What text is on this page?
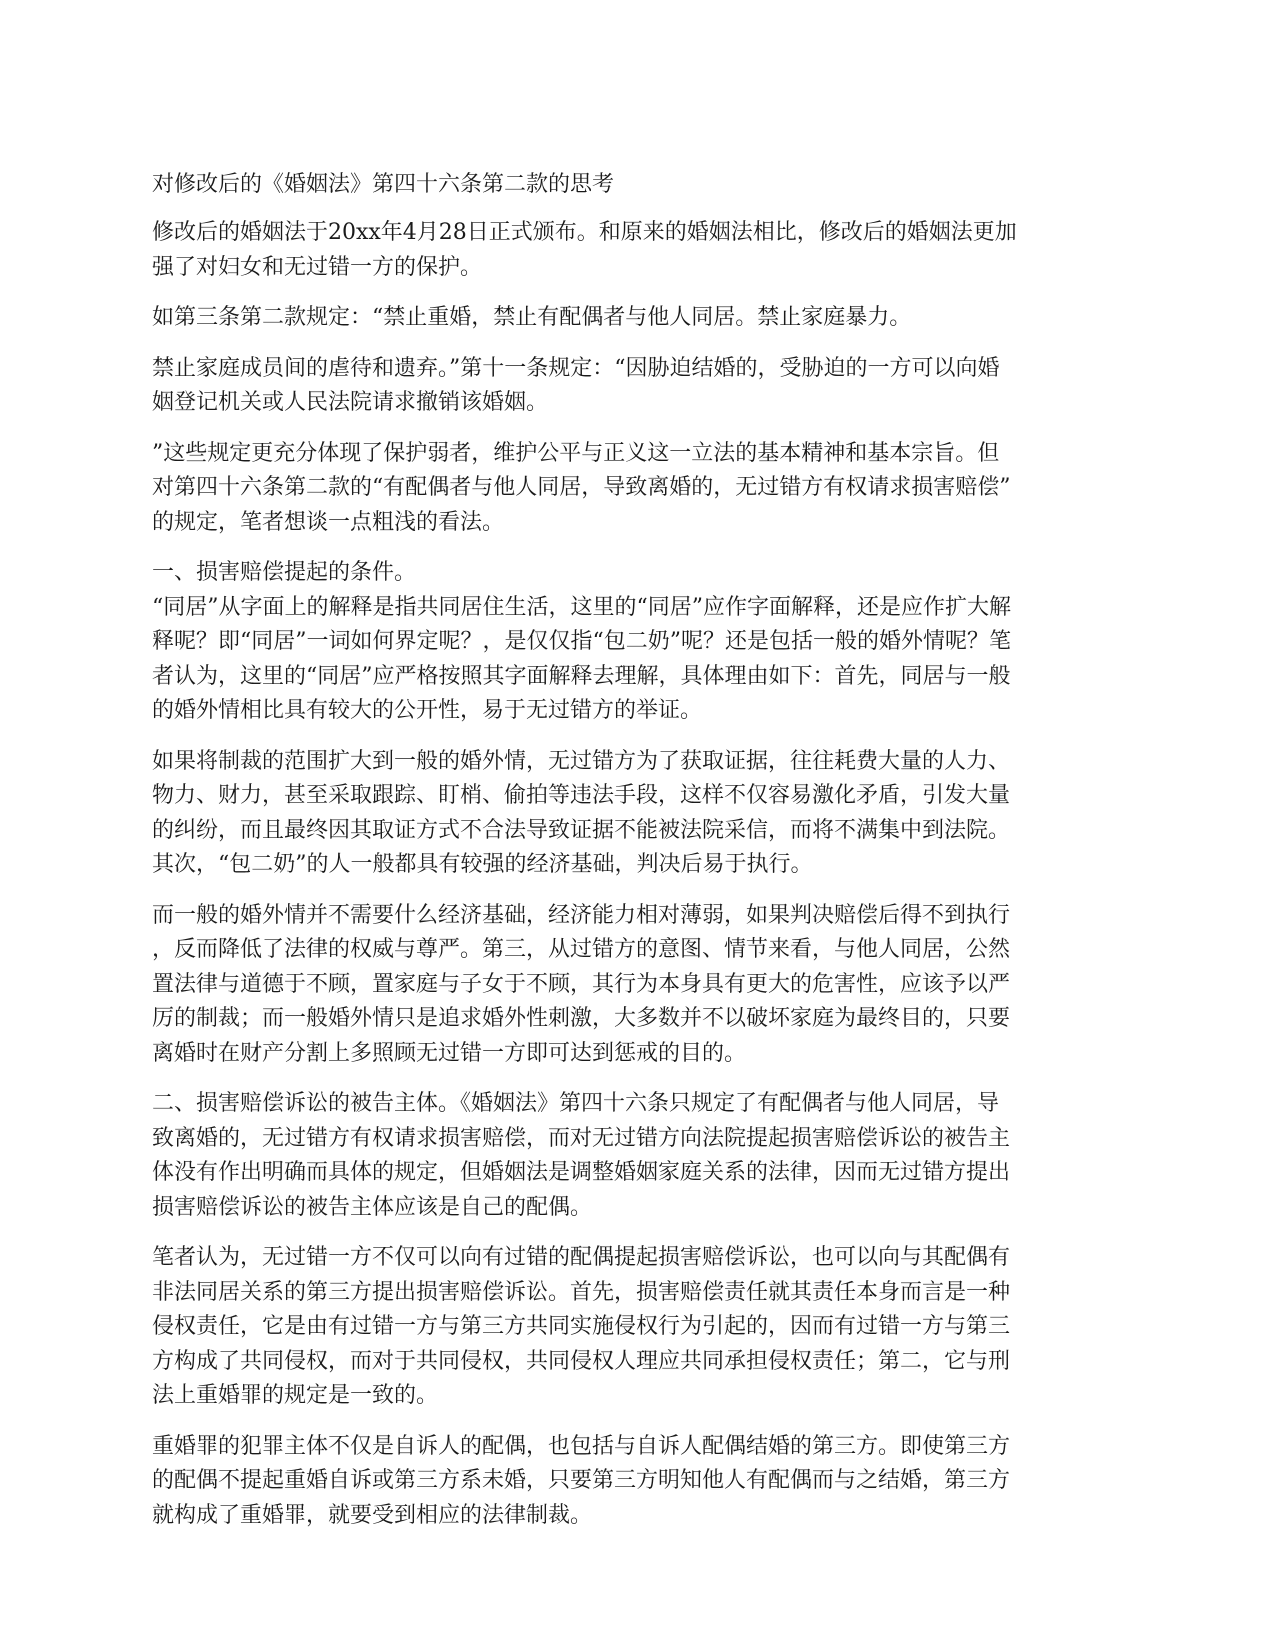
对修改后的《婚姻法》第四十六条第二款的思考
修改后的婚姻法于20xx年4月28日正式颁布。和原来的婚姻法相比，修改后的婚姻法更加
强了对妇女和无过错一方的保护。
如第三条第二款规定：“禁止重婚，禁止有配偶者与他人同居。禁止家庭暴力。
禁止家庭成员间的虐待和遗弃。”第十一条规定：“因胁迫结婚的，受胁迫的一方可以向婚
姻登记机关或人民法院请求撤销该婚姻。
”这些规定更充分体现了保护弱者，维护公平与正义这一立法的基本精神和基本宗旨。但
对第四十六条第二款的“有配偶者与他人同居，导致离婚的，无过错方有权请求损害赔偿”
的规定，笔者想谈一点粗浅的看法。
一、损害赔偿提起的条件。
“同居”从字面上的解释是指共同居住生活，这里的“同居”应作字面解释，还是应作扩大解
释呢？即“同居”一词如何界定呢？，是仅仅指“包二奶”呢？还是包括一般的婚外情呢？笔
者认为，这里的“同居”应严格按照其字面解释去理解，具体理由如下：首先，同居与一般
的婚外情相比具有较大的公开性，易于无过错方的举证。
如果将制裁的范围扩大到一般的婚外情，无过错方为了获取证据，往往耗费大量的人力、
物力、财力，甚至采取跟踪、盯梢、偷拍等违法手段，这样不仅容易激化矛盾，引发大量
的纠纷，而且最终因其取证方式不合法导致证据不能被法院采信，而将不满集中到法院。
其次，“包二奶”的人一般都具有较强的经济基础，判决后易于执行。
而一般的婚外情并不需要什么经济基础，经济能力相对薄弱，如果判决赔偿后得不到执行
，反而降低了法律的权威与尊严。第三，从过错方的意图、情节来看，与他人同居，公然
置法律与道德于不顾，置家庭与子女于不顾，其行为本身具有更大的危害性，应该予以严
厉的制裁；而一般婚外情只是追求婚外性刺激，大多数并不以破坏家庭为最终目的，只要
离婚时在财产分割上多照顾无过错一方即可达到惩戒的目的。
二、损害赔偿诉讼的被告主体。《婚姻法》第四十六条只规定了有配偶者与他人同居，导
致离婚的，无过错方有权请求损害赔偿，而对无过错方向法院提起损害赔偿诉讼的被告主
体没有作出明确而具体的规定，但婚姻法是调整婚姻家庭关系的法律，因而无过错方提出
损害赔偿诉讼的被告主体应该是自己的配偶。
笔者认为，无过错一方不仅可以向有过错的配偶提起损害赔偿诉讼，也可以向与其配偶有
非法同居关系的第三方提出损害赔偿诉讼。首先，损害赔偿责任就其责任本身而言是一种
侵权责任，它是由有过错一方与第三方共同实施侵权行为引起的，因而有过错一方与第三
方构成了共同侵权，而对于共同侵权，共同侵权人理应共同承担侵权责任；第二，它与刑
法上重婚罪的规定是一致的。
重婚罪的犯罪主体不仅是自诉人的配偶，也包括与自诉人配偶结婚的第三方。即使第三方
的配偶不提起重婚自诉或第三方系未婚，只要第三方明知他人有配偶而与之结婚，第三方
就构成了重婚罪，就要受到相应的法律制裁。
